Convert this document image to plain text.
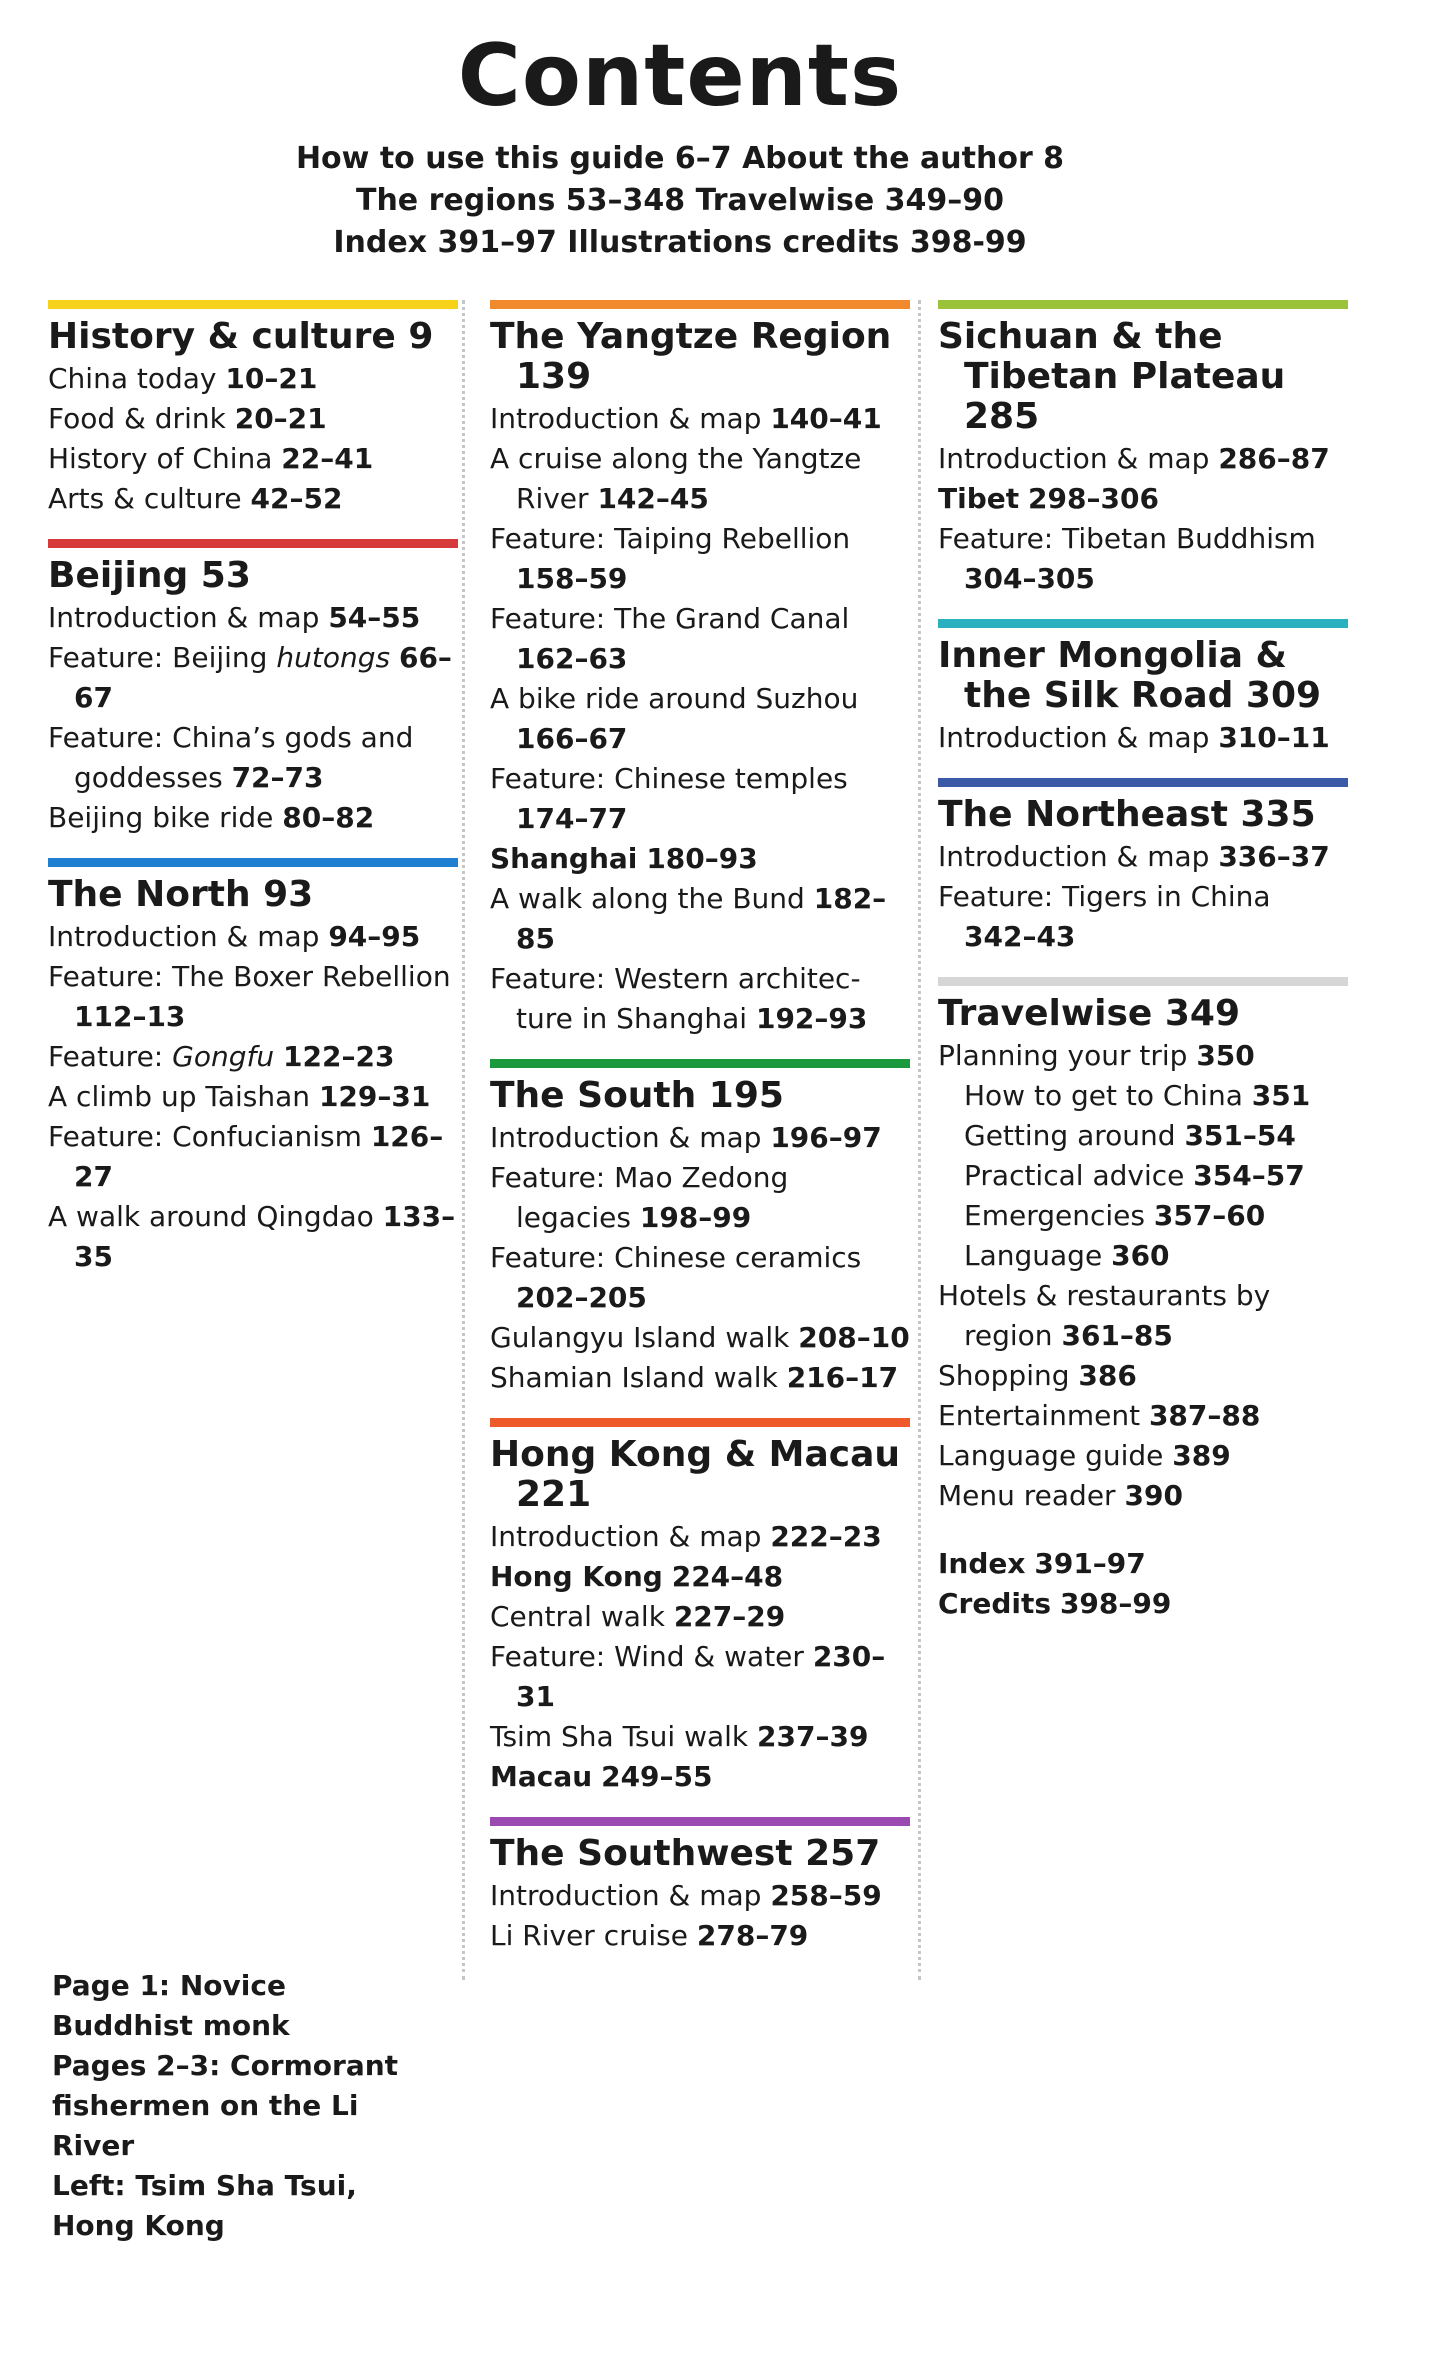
Contents
How to use this guide 6–7 About the author 8
The regions 53–348 Travelwise 349–90
Index 391–97 Illustrations credits 398-99
History & culture 9
China today 10–21
Food & drink 20–21
History of China 22–41
Arts & culture 42–52
Beijing 53
Introduction & map 54–55
Feature: Beijing hutongs 66–67
Feature: China’s gods and goddesses 72–73
Beijing bike ride 80–82
The North 93
Introduction & map 94–95
Feature: The Boxer Rebellion 112–13
Feature: Gongfu 122–23
A climb up Taishan 129–31
Feature: Confucianism 126–27
A walk around Qingdao 133–35
The Yangtze Region 139
Introduction & map 140–41
A cruise along the Yangtze River 142–45
Feature: Taiping Rebellion 158–59
Feature: The Grand Canal 162–63
A bike ride around Suzhou 166–67
Feature: Chinese temples 174–77
Shanghai 180–93
A walk along the Bund 182–85
Feature: Western architec- ture in Shanghai 192–93
The South 195
Introduction & map 196–97
Feature: Mao Zedong legacies 198–99
Feature: Chinese ceramics 202–205
Gulangyu Island walk 208–10
Shamian Island walk 216–17
Hong Kong & Macau 221
Introduction & map 222–23
Hong Kong 224–48
Central walk 227–29
Feature: Wind & water 230–31
Tsim Sha Tsui walk 237–39
Macau 249–55
The Southwest 257
Introduction & map 258–59
Li River cruise 278–79
Sichuan & the Tibetan Plateau 285
Introduction & map 286–87
Tibet 298–306
Feature: Tibetan Buddhism 304–305
Inner Mongolia & the Silk Road 309
Introduction & map 310–11
The Northeast 335
Introduction & map 336–37
Feature: Tigers in China 342–43
Travelwise 349
Planning your trip 350
How to get to China 351
Getting around 351–54
Practical advice 354–57
Emergencies 357–60
Language 360
Hotels & restaurants by region 361–85
Shopping 386
Entertainment 387–88
Language guide 389
Menu reader 390
Index 391–97
Credits 398–99
Page 1: Novice Buddhist monk
Pages 2–3: Cormorant fishermen on the Li River
Left: Tsim Sha Tsui, Hong Kong
